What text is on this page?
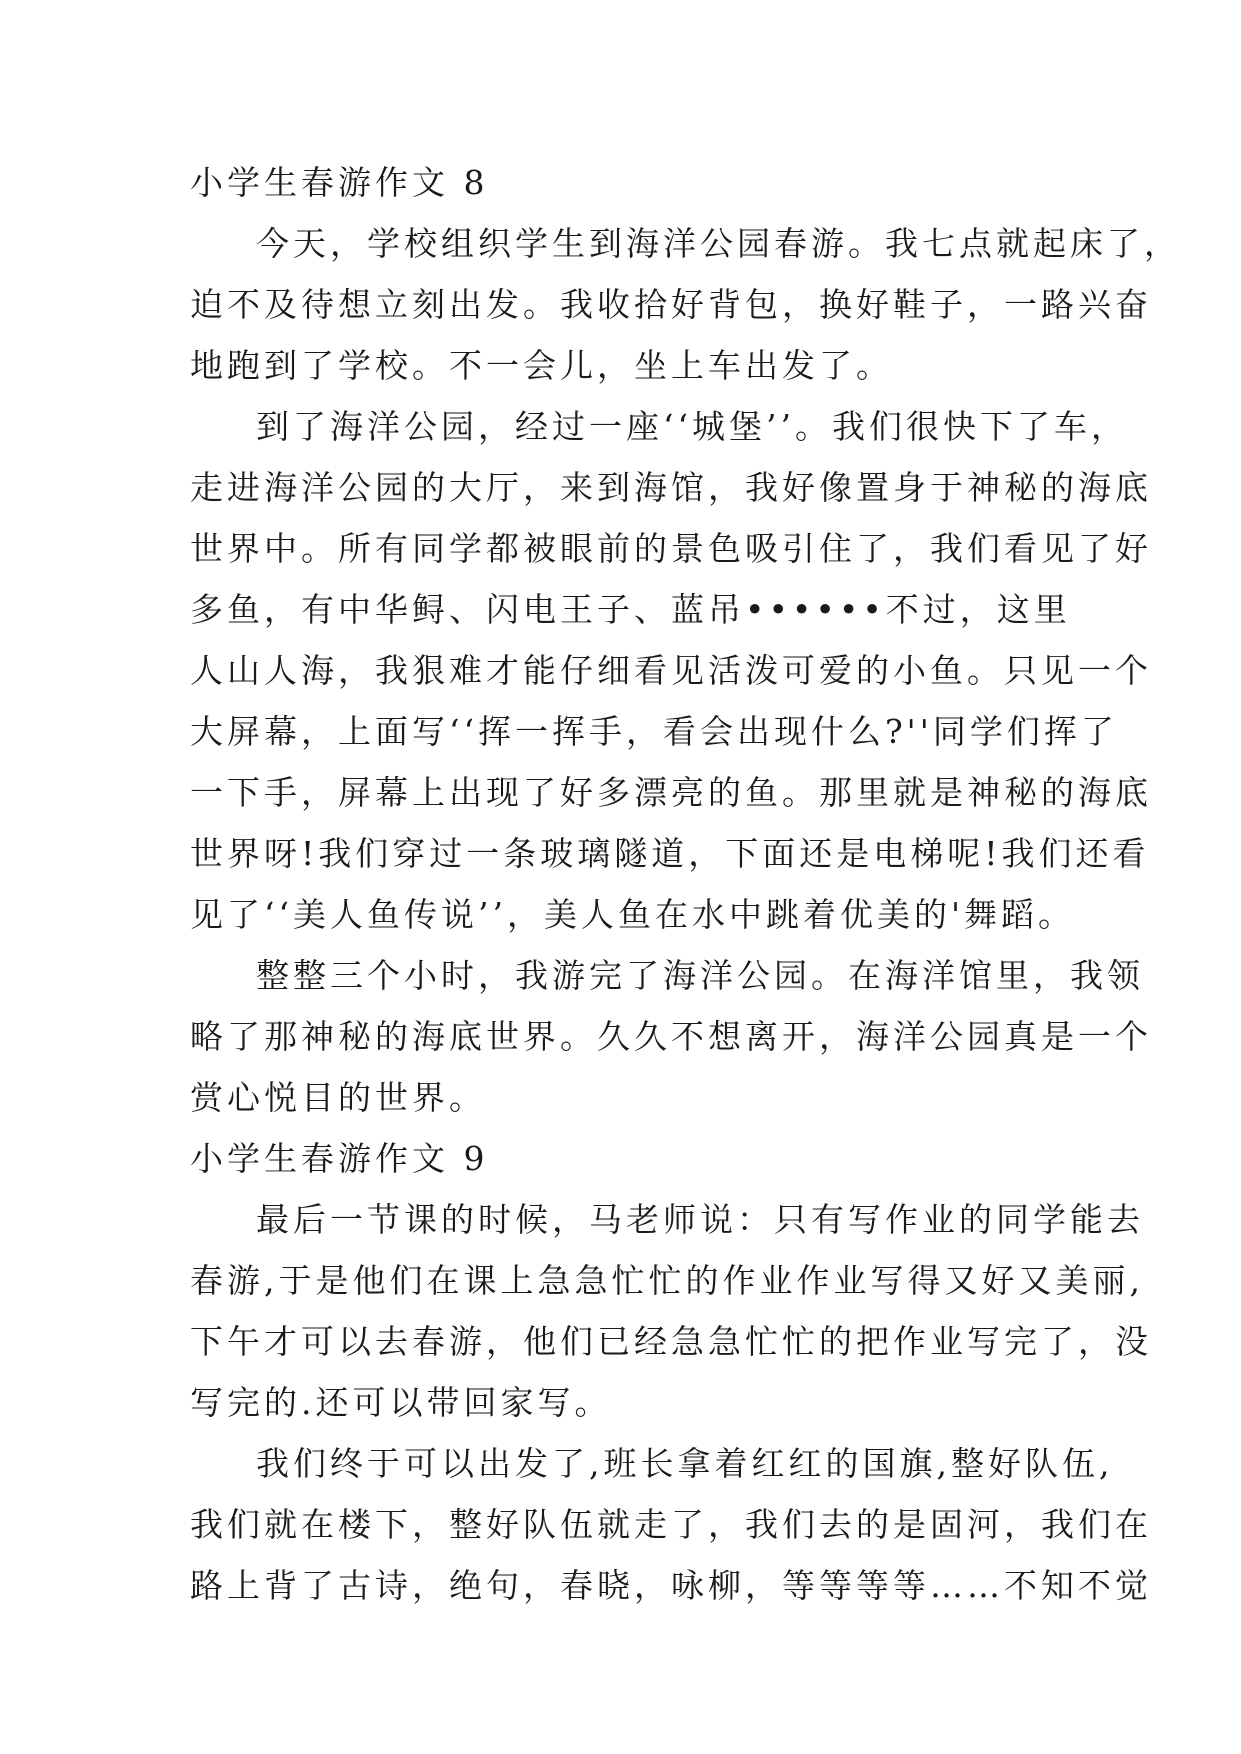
小学生春游作文 8
今天，学校组织学生到海洋公园春游。我七点就起床了，
迫不及待想立刻出发。我收拾好背包，换好鞋子，一路兴奋
地跑到了学校。不一会儿，坐上车出发了。
到了海洋公园，经过一座‘‘城堡’’。我们很快下了车，
走进海洋公园的大厅，来到海馆，我好像置身于神秘的海底
世界中。所有同学都被眼前的景色吸引住了，我们看见了好
多鱼，有中华鲟、闪电王子、蓝吊••••••不过，这里
人山人海，我狠难才能仔细看见活泼可爱的小鱼。只见一个
大屏幕，上面写‘‘挥一挥手，看会出现什么?''同学们挥了
一下手，屏幕上出现了好多漂亮的鱼。那里就是神秘的海底
世界呀!我们穿过一条玻璃隧道，下面还是电梯呢!我们还看
见了‘‘美人鱼传说’’，美人鱼在水中跳着优美的'舞蹈。
整整三个小时，我游完了海洋公园。在海洋馆里，我领
略了那神秘的海底世界。久久不想离开，海洋公园真是一个
赏心悦目的世界。
小学生春游作文 9
最后一节课的时候，马老师说：只有写作业的同学能去
春游,于是他们在课上急急忙忙的作业作业写得又好又美丽,
下午才可以去春游，他们已经急急忙忙的把作业写完了，没
写完的.还可以带回家写。
我们终于可以出发了,班长拿着红红的国旗,整好队伍,
我们就在楼下，整好队伍就走了，我们去的是固河，我们在
路上背了古诗，绝句，春晓，咏柳，等等等等……不知不觉
